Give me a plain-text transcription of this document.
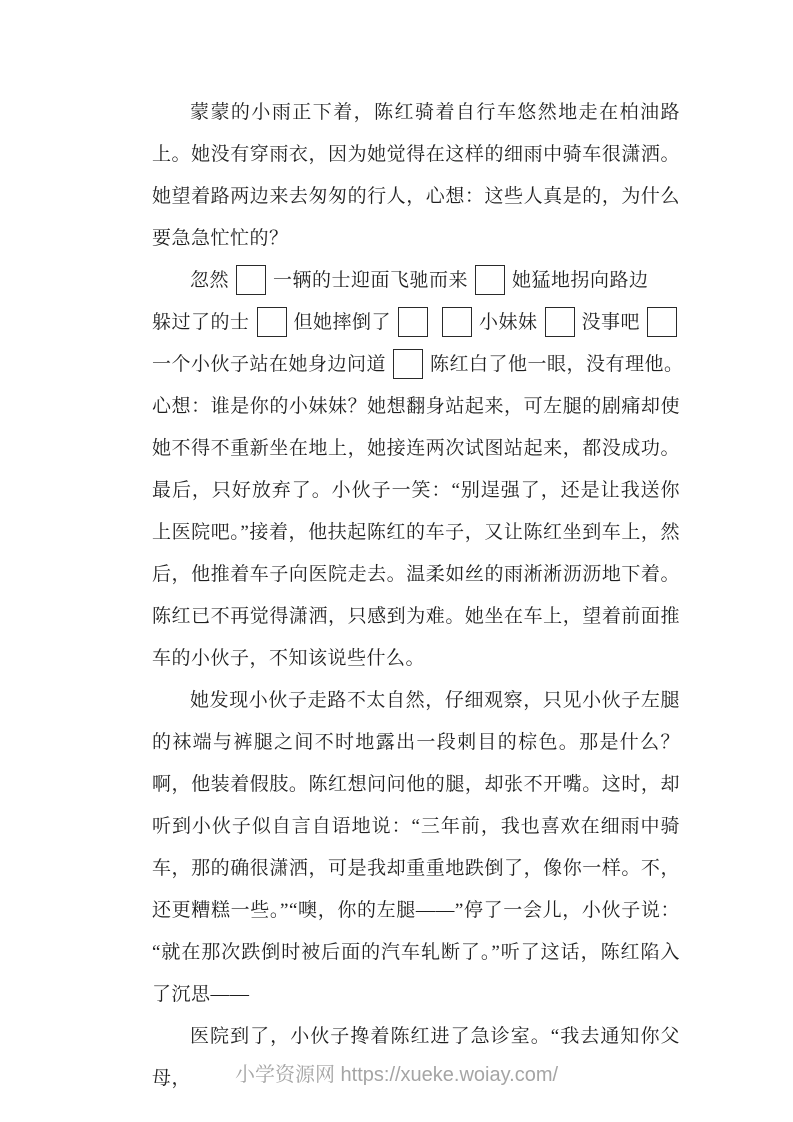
蒙蒙的小雨正下着，陈红骑着自行车悠然地走在柏油路上。她没有穿雨衣，因为她觉得在这样的细雨中骑车很潇洒。她望着路两边来去匆匆的行人，心想：这些人真是的，为什么要急急忙忙的？

忽然 一辆的士迎面飞驰而来 她猛地拐向路边
躲过了的士 但她摔倒了	小妹妹 没事吧
一个小伙子站在她身边问道 陈红白了他一眼，没有理他。

心想：谁是你的小妹妹？她想翻身站起来，可左腿的剧痛却使她不得不重新坐在地上，她接连两次试图站起来，都没成功。最后，只好放弃了。小伙子一笑：“别逞强了，还是让我送你上医院吧。”接着，他扶起陈红的车子，又让陈红坐到车上，然后，他推着车子向医院走去。温柔如丝的雨淅淅沥沥地下着。陈红已不再觉得潇洒，只感到为难。她坐在车上，望着前面推车的小伙子，不知该说些什么。

她发现小伙子走路不太自然，仔细观察，只见小伙子左腿的袜端与裤腿之间不时地露出一段刺目的棕色。那是什么？啊，他装着假肢。陈红想问问他的腿，却张不开嘴。这时，却听到小伙子似自言自语地说：“三年前，我也喜欢在细雨中骑车，那的确很潇洒，可是我却重重地跌倒了，像你一样。不，还更糟糕一些。”“噢，你的左腿——”停了一会儿，小伙子说：“就在那次跌倒时被后面的汽车轧断了。”听了这话，陈红陷入了沉思——

医院到了，小伙子搀着陈红进了急诊室。“我去通知你父母，	小学资源网 https://xueke.woiay.com/
